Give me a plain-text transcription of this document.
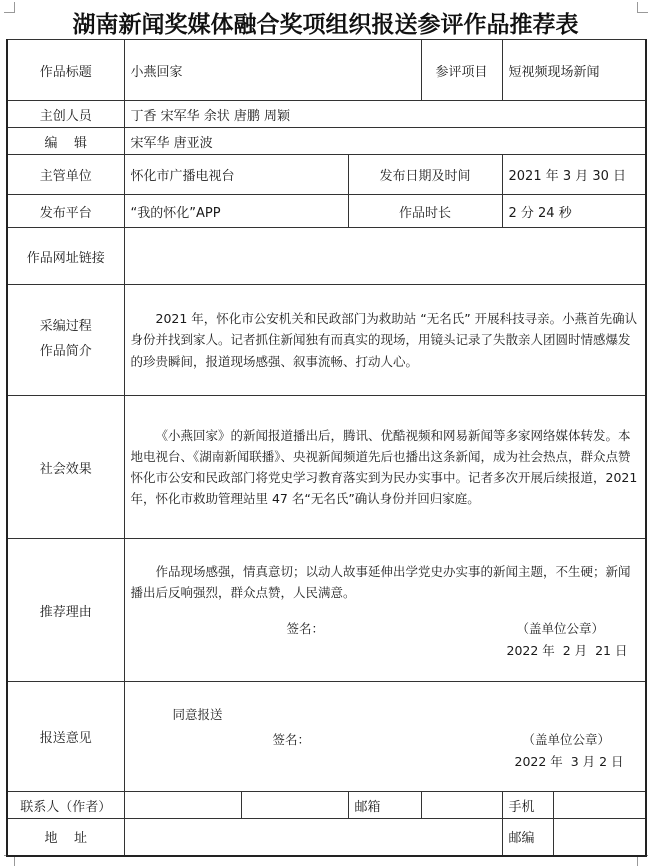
湖南新闻奖媒体融合奖项组织报送参评作品推荐表
作品标题	小燕回家			参评项目	短视频现场新闻	
主创人员	丁香 宋军华 余状 唐鹏 周颖					
编    辑	宋军华 唐亚波					
主管单位	怀化市广播电视台		发布日期及时间		2021 年 3 月 30 日	
发布平台	“我的怀化”APP		作品时长		2 分 24 秒	
作品网址链接						

采编过程
作品简介	2021 年，怀化市公安机关和民政部门为救助站 “无名氏” 开展科技寻亲。小燕首先确认身份并找到家人。记者抓住新闻独有而真实的现场，用镜头记录了失散亲人团圆时情感爆发的珍贵瞬间，报道现场感强、叙事流畅、打动人心。					

社会效果	《小燕回家》的新闻报道播出后，腾讯、优酷视频和网易新闻等多家网络媒体转发。本地电视台、《湖南新闻联播》、央视新闻频道先后也播出这条新闻，成为社会热点，群众点赞怀化市公安和民政部门将党史学习教育落实到为民办实事中。记者多次开展后续报道，2021 年，怀化市救助管理站里 47 名“无名氏”确认身份并回归家庭。					

推荐理由	作品现场感强，情真意切；以动人故事延伸出学党史办实事的新闻主题，不生硬；新闻播出后反响强烈，群众点赞，人民满意。

签名： （盖单位公章）
2022 年  2 月  21 日					

报送意见	同意报送
签名： （盖单位公章）
2022 年  3 月 2 日					

联系人（作者）			邮箱		手机	
地    址					邮编	
